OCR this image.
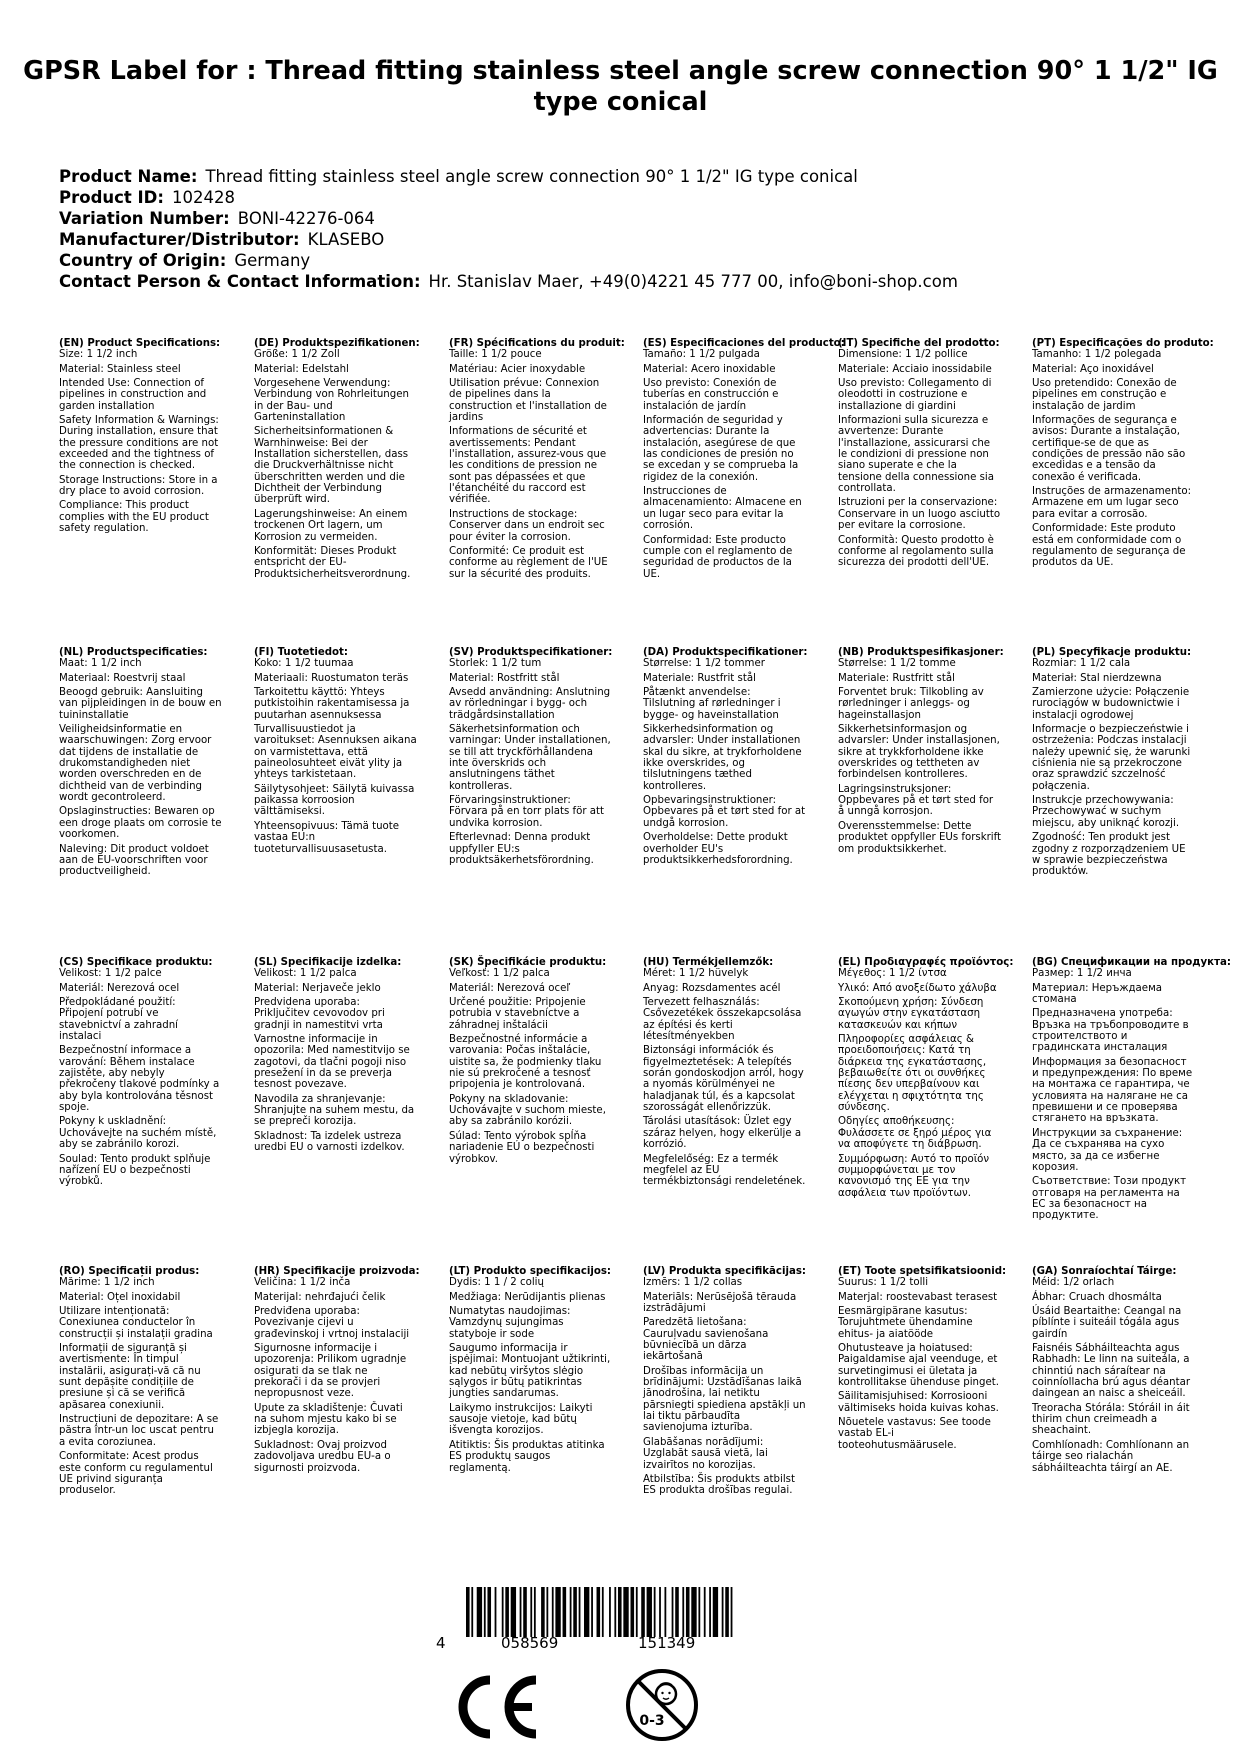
GPSR Label for : Thread fitting stainless steel angle screw connection 90° 1 1/2" IG type conical
Product Name: Thread fitting stainless steel angle screw connection 90° 1 1/2" IG type conical
Product ID: 102428
Variation Number: BONI-42276-064
Manufacturer/Distributor: KLASEBO
Country of Origin: Germany
Contact Person & Contact Information: Hr. Stanislav Maer, +49(0)4221 45 777 00, info@boni-shop.com
(EN) Product Specifications:
Size: 1 1/2 inch
Material: Stainless steel
Intended Use: Connection of pipelines in construction and garden installation
Safety Information & Warnings: During installation, ensure that the pressure conditions are not exceeded and the tightness of the connection is checked.
Storage Instructions: Store in a dry place to avoid corrosion.
Compliance: This product complies with the EU product safety regulation.
(DE) Produktspezifikationen:
Größe: 1 1/2 Zoll
Material: Edelstahl
Vorgesehene Verwendung: Verbindung von Rohrleitungen in der Bau- und Garteninstallation
Sicherheitsinformationen & Warnhinweise: Bei der Installation sicherstellen, dass die Druckverhältnisse nicht überschritten werden und die Dichtheit der Verbindung überprüft wird.
Lagerungshinweise: An einem trockenen Ort lagern, um Korrosion zu vermeiden.
Konformität: Dieses Produkt entspricht der EU-Produktsicherheitsverordnung.
(FR) Spécifications du produit:
Taille: 1 1/2 pouce
Matériau: Acier inoxydable
Utilisation prévue: Connexion de pipelines dans la construction et l'installation de jardins
Informations de sécurité et avertissements: Pendant l'installation, assurez-vous que les conditions de pression ne sont pas dépassées et que l'étanchéité du raccord est vérifiée.
Instructions de stockage: Conserver dans un endroit sec pour éviter la corrosion.
Conformité: Ce produit est conforme au règlement de l'UE sur la sécurité des produits.
(ES) Especificaciones del producto:
Tamaño: 1 1/2 pulgada
Material: Acero inoxidable
Uso previsto: Conexión de tuberías en construcción e instalación de jardín
Información de seguridad y advertencias: Durante la instalación, asegúrese de que las condiciones de presión no se excedan y se compruebа la rigidez de la conexión.
Instrucciones de almacenamiento: Almacene en un lugar seco para evitar la corrosión.
Conformidad: Este producto cumple con el reglamento de seguridad de productos de la UE.
(IT) Specifiche del prodotto:
Dimensione: 1 1/2 pollice
Materiale: Acciaio inossidabile
Uso previsto: Collegamento di oleodotti in costruzione e installazione di giardini
Informazioni sulla sicurezza e avvertenze: Durante l'installazione, assicurarsi che le condizioni di pressione non siano superate e che la tensione della connessione sia controllata.
Istruzioni per la conservazione: Conservare in un luogo asciutto per evitare la corrosione.
Conformità: Questo prodotto è conforme al regolamento sulla sicurezza dei prodotti dell'UE.
(PT) Especificações do produto:
Tamanho: 1 1/2 polegada
Material: Aço inoxidável
Uso pretendido: Conexão de pipelines em construção e instalação de jardim
Informações de segurança e avisos: Durante a instalação, certifique-se de que as condições de pressão não são excedidas e a tensão da conexão é verificada.
Instruções de armazenamento: Armazene em um lugar seco para evitar a corrosão.
Conformidade: Este produto está em conformidade com o regulamento de segurança de produtos da UE.
(NL) Productspecificaties:
Maat: 1 1/2 inch
Materiaal: Roestvrij staal
Beoogd gebruik: Aansluiting van pijpleidingen in de bouw en tuininstallatie
Veiligheidsinformatie en waarschuwingen: Zorg ervoor dat tijdens de installatie de drukomstandigheden niet worden overschreden en de dichtheid van de verbinding wordt gecontroleerd.
Opslaginstructies: Bewaren op een droge plaats om corrosie te voorkomen.
Naleving: Dit product voldoet aan de EU-voorschriften voor productveiligheid.
(FI) Tuotetiedot:
Koko: 1 1/2 tuumaa
Materiaali: Ruostumaton teräs
Tarkoitettu käyttö: Yhteys putkistoihin rakentamisessa ja puutarhan asennuksessa
Turvallisuustiedot ja varoitukset: Asennuksen aikana on varmistettava, että paineolosuhteet eivät ylity ja yhteys tarkistetaan.
Säilytysohjeet: Säilytä kuivassa paikassa korroosion välttämiseksi.
Yhteensopivuus: Tämä tuote vastaa EU:n tuoteturvallisuusasetusta.
(SV) Produktspecifikationer:
Storlek: 1 1/2 tum
Material: Rostfritt stål
Avsedd användning: Anslutning av rörledningar i bygg- och trädgårdsinstallation
Säkerhetsinformation och varningar: Under installationen, se till att tryckförhållandena inte överskrids och anslutningens täthet kontrolleras.
Förvaringsinstruktioner: Förvara på en torr plats för att undvika korrosion.
Efterlevnad: Denna produkt uppfyller EU:s produktsäkerhetsförordning.
(DA) Produktspecifikationer:
Størrelse: 1 1/2 tommer
Materiale: Rustfrit stål
Påtænkt anvendelse: Tilslutning af rørledninger i bygge- og haveinstallation
Sikkerhedsinformation og advarsler: Under installationen skal du sikre, at trykforholdene ikke overskrides, og tilslutningens tæthed kontrolleres.
Opbevaringsinstruktioner: Opbevares på et tørt sted for at undgå korrosion.
Overholdelse: Dette produkt overholder EU's produktsikkerhedsforordning.
(NB) Produktspesifikasjoner:
Størrelse: 1 1/2 tomme
Materiale: Rustfritt stål
Forventet bruk: Tilkobling av rørledninger i anleggs- og hageinstallasjon
Sikkerhetsinformasjon og advarsler: Under installasjonen, sikre at trykkforholdene ikke overskrides og tettheten av forbindelsen kontrolleres.
Lagringsinstruksjoner: Oppbevares på et tørt sted for å unngå korrosjon.
Overensstemmelse: Dette produktet oppfyller EUs forskrift om produktsikkerhet.
(PL) Specyfikacje produktu:
Rozmiar: 1 1/2 cala
Materiał: Stal nierdzewna
Zamierzone użycie: Połączenie rurociągów w budownictwie i instalacji ogrodowej
Informacje o bezpieczeństwie i ostrzeżenia: Podczas instalacji należy upewnić się, że warunki ciśnienia nie są przekroczone oraz sprawdzić szczelność połączenia.
Instrukcje przechowywania: Przechowywać w suchym miejscu, aby uniknąć korozji.
Zgodność: Ten produkt jest zgodny z rozporządzeniem UE w sprawie bezpieczeństwa produktów.
(CS) Specifikace produktu:
Velikost: 1 1/2 palce
Materiál: Nerezová ocel
Předpokládané použití: Připojení potrubí ve stavebnictví a zahradní instalaci
Bezpečnostní informace a varování: Během instalace zajistěte, aby nebyly překročeny tlakové podmínky a aby byla kontrolována těsnost spoje.
Pokyny k uskladnění: Uchovávejte na suchém místě, aby se zabránilo korozi.
Soulad: Tento produkt splňuje nařízení EU o bezpečnosti výrobků.
(SL) Specifikacije izdelka:
Velikost: 1 1/2 palca
Material: Nerjaveče jeklo
Predvidena uporaba: Priključitev cevovodov pri gradnji in namestitvi vrta
Varnostne informacije in opozorila: Med namestitvijo se zagotovi, da tlačni pogoji niso presežení in da se preverja tesnost povezave.
Navodila za shranjevanje: Shranjujte na suhem mestu, da se prepreči korozija.
Skladnost: Ta izdelek ustreza uredbi EU o varnosti izdelkov.
(SK) Špecifikácie produktu:
Veľkosť: 1 1/2 palca
Materiál: Nerezová oceľ
Určené použitie: Pripojenie potrubia v stavebníctve a záhradnej inštalácii
Bezpečnostné informácie a varovania: Počas inštalácie, uistite sa, že podmienky tlaku nie sú prekročené a tesnosť pripojenia je kontrolovaná.
Pokyny na skladovanie: Uchovávajte v suchom mieste, aby sa zabránilo korózii.
Súlad: Tento výrobok spĺňa nariadenie EÚ o bezpečnosti výrobkov.
(HU) Termékjellemzők:
Méret: 1 1/2 hüvelyk
Anyag: Rozsdamentes acél
Tervezett felhasználás: Csővezetékek összekapcsolása az építési és kerti létesítményekben
Biztonsági információk és figyelmeztetések: A telepítés során gondoskodjon arról, hogy a nyomás körülményei ne haladjanak túl, és a kapcsolat szorosságát ellenőrizzük.
Tárolási utasítások: Üzlet egy száraz helyen, hogy elkerülje a korrózió.
Megfelelőség: Ez a termék megfelel az EU termékbiztonsági rendeletének.
(EL) Προδιαγραφές προϊόντος:
Μέγεθος: 1 1/2 ίντσα
Υλικό: Από ανοξείδωτο χάλυβα
Σκοπούμενη χρήση: Σύνδεση αγωγών στην εγκατάσταση κατασκευών και κήπων
Πληροφορίες ασφάλειας & προειδοποιήσεις: Κατά τη διάρκεια της εγκατάστασης, βεβαιωθείτε ότι οι συνθήκες πίεσης δεν υπερβαίνουν και ελέγχεται η σφιχτότητα της σύνδεσης.
Οδηγίες αποθήκευσης: Φυλάσσετε σε ξηρό μέρος για να αποφύγετε τη διάβρωση.
Συμμόρφωση: Αυτό το προϊόν συμμορφώνεται με τον κανονισμό της ΕΕ για την ασφάλεια των προϊόντων.
(BG) Спецификации на продукта:
Размер: 1 1/2 инча
Материал: Неръждаема стомана
Предназначена употреба: Връзка на тръбопроводите в строителството и градинската инсталация
Информация за безопасност и предупреждения: По време на монтажа се гарантира, че условията на налягане не са превишени и се проверява стягането на връзката.
Инструкции за съхранение: Да се съхранява на сухо място, за да се избегне корозия.
Съответствие: Този продукт отговаря на регламента на ЕС за безопасност на продуктите.
(RO) Specificații produs:
Mărime: 1 1/2 inch
Material: Oțel inoxidabil
Utilizare intenționată: Conexiunea conductelor în construcții și instalații gradina
Informații de siguranță și avertismente: În timpul instalării, asigurați-vă că nu sunt depășite condițiile de presiune și că se verifică apăsarea conexiunii.
Instrucțiuni de depozitare: A se păstra într-un loc uscat pentru a evita coroziunea.
Conformitate: Acest produs este conform cu regulamentul UE privind siguranța produselor.
(HR) Specifikacije proizvoda:
Veličina: 1 1/2 inča
Materijal: nehrđajući čelik
Predviđena uporaba: Povezivanje cijevi u građevinskoj i vrtnoj instalaciji
Sigurnosne informacije i upozorenja: Prilikom ugradnje osigurati da se tlak ne prekorači i da se provjeri nepropusnost veze.
Upute za skladištenje: Čuvati na suhom mjestu kako bi se izbjegla korozija.
Sukladnost: Ovaj proizvod zadovoljava uredbu EU-a o sigurnosti proizvoda.
(LT) Produkto specifikacijos:
Dydis: 1 1 / 2 colių
Medžiaga: Nerūdijantis plienas
Numatytas naudojimas: Vamzdynų sujungimas statyboje ir sode
Saugumo informacija ir įspėjimai: Montuojant užtikrinti, kad nebūtų viršytos slėgio sąlygos ir būtų patikrintas jungties sandarumas.
Laikymo instrukcijos: Laikyti sausoje vietoje, kad būtų išvengta korozijos.
Atitiktis: Šis produktas atitinka ES produktų saugos reglamentą.
(LV) Produkta specifikācijas:
Izmērs: 1 1/2 collas
Materiāls: Nerūsējošā tērauda izstrādājumi
Paredzētā lietošana: Cauruļvadu savienošana būvniecībā un dārza iekārtošanā
Drošības informācija un brīdinājumi: Uzstādīšanas laikā jānodrošina, lai netiktu pārsniegti spiediena apstākļi un lai tiktu pārbaudīta savienojuma izturība.
Glabāšanas norādījumi: Uzglabāt sausā vietā, lai izvairītos no korozijas.
Atbilstība: Šis produkts atbilst ES produkta drošības regulai.
(ET) Toote spetsifikatsioonid:
Suurus: 1 1/2 tolli
Materjal: roostevabast terasest
Eesmärgipärane kasutus: Torujuhtmete ühendamine ehitus- ja aiatööde
Ohutusteave ja hoiatused: Paigaldamise ajal veenduge, et survetingimusi ei ületata ja kontrollitakse ühenduse pinget.
Säilitamisjuhised: Korrosiooni vältimiseks hoida kuivas kohas.
Nõuetele vastavus: See toode vastab EL-i tooteohutusmäärusele.
(GA) Sonraíochtaí Táirge:
Méid: 1/2 orlach
Ábhar: Cruach dhosmálta
Úsáid Beartaithe: Ceangal na píblínte i suiteáil tógála agus gairdín
Faisnéis Sábháilteachta agus Rabhadh: Le linn na suiteála, a chinntiú nach sáraítear na coinníollacha brú agus déantar daingean an naisc a sheiceáil.
Treoracha Stórála: Stóráil in áit thirim chun creimeadh a sheachaint.
Comhlíonadh: Comhlíonann an táirge seo rialachán sábháilteachta táirgí an AE.
4	058569	151349
0-3
